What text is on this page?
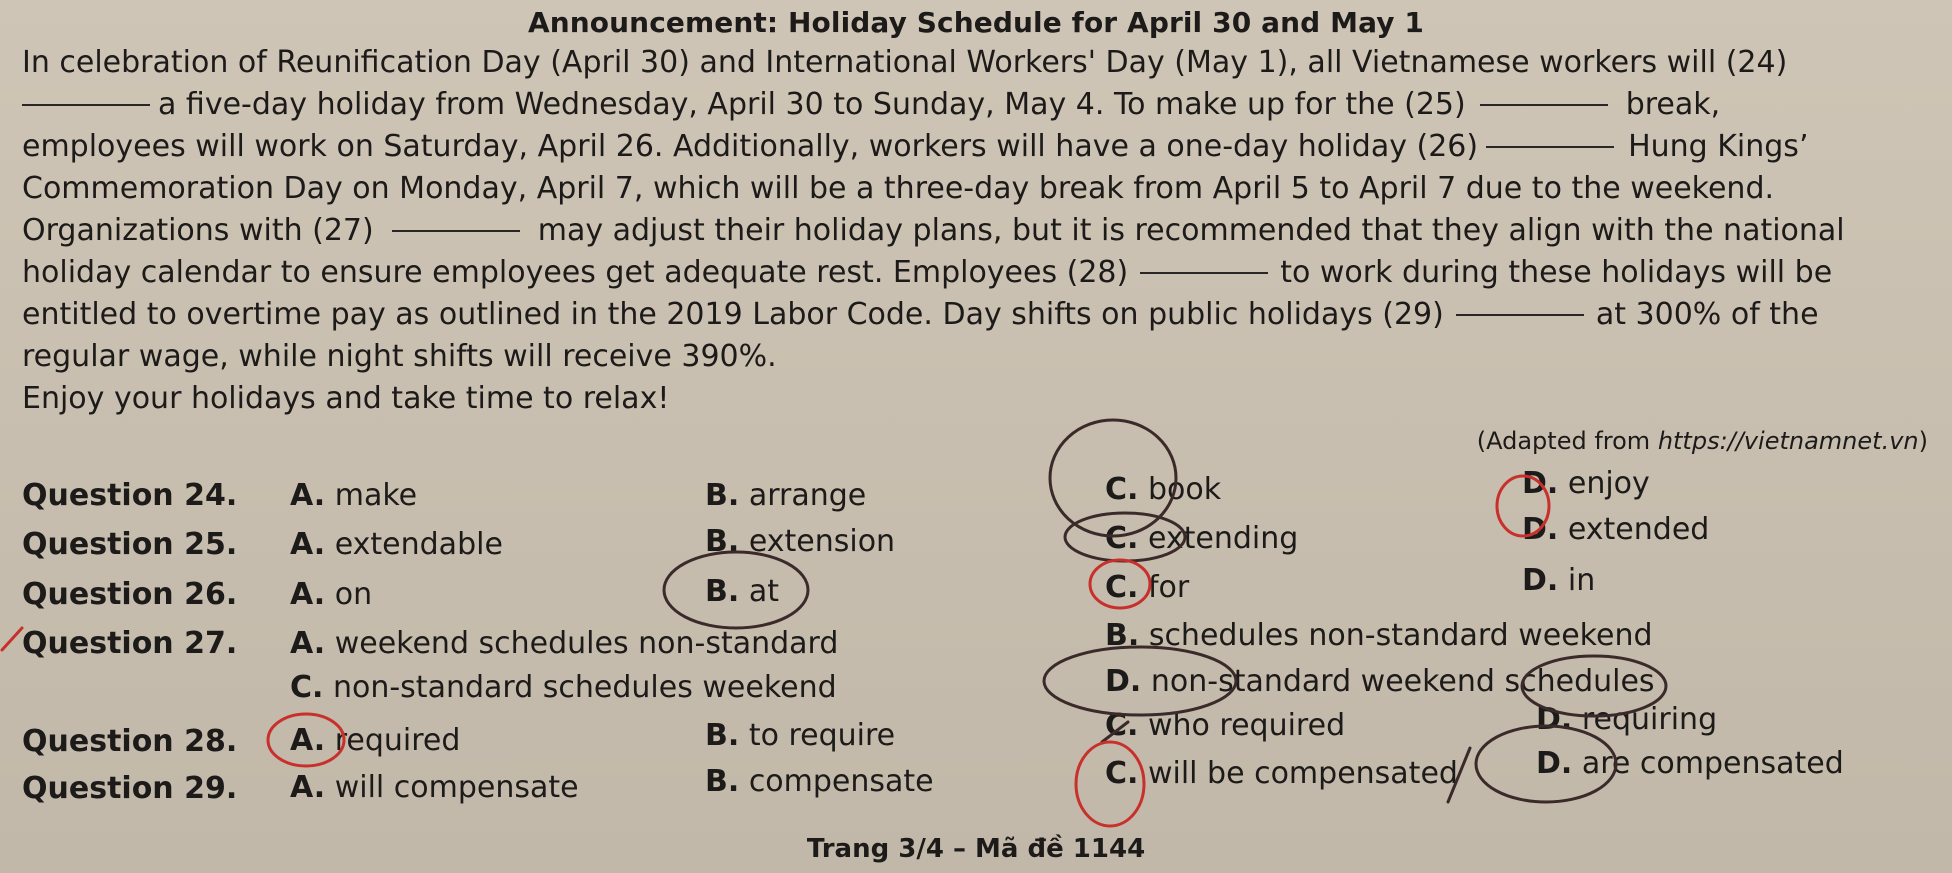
Announcement: Holiday Schedule for April 30 and May 1
In celebration of Reunification Day (April 30) and International Workers' Day (May 1), all Vietnamese workers will (24)
a five-day holiday from Wednesday, April 30 to Sunday, May 4. To make up for the (25)	break,
employees will work on Saturday, April 26. Additionally, workers will have a one-day holiday (26)	Hung Kings’
Commemoration Day on Monday, April 7, which will be a three-day break from April 5 to April 7 due to the weekend.
Organizations with (27)	may adjust their holiday plans, but it is recommended that they align with the national
holiday calendar to ensure employees get adequate rest. Employees (28)	to work during these holidays will be
entitled to overtime pay as outlined in the 2019 Labor Code. Day shifts on public holidays (29)	at 300% of the
regular wage, while night shifts will receive 390%.
Enjoy your holidays and take time to relax!
(Adapted from https://vietnamnet.vn)
Question 24. A. make	B. arrange	C. book	D. enjoy
Question 25. A. extendable	B. extension	C. extending	D. extended
Question 26. A. on	B. at	C. for	D. in
Question 27. A. weekend schedules non-standard	B. schedules non-standard weekend
C. non-standard schedules weekend	D. non-standard weekend schedules
Question 28. A. required	B. to require	C. who required	D. requiring
Question 29. A. will compensate	B. compensate	C. will be compensated	D. are compensated
Trang 3/4 – Mã đề 1144
